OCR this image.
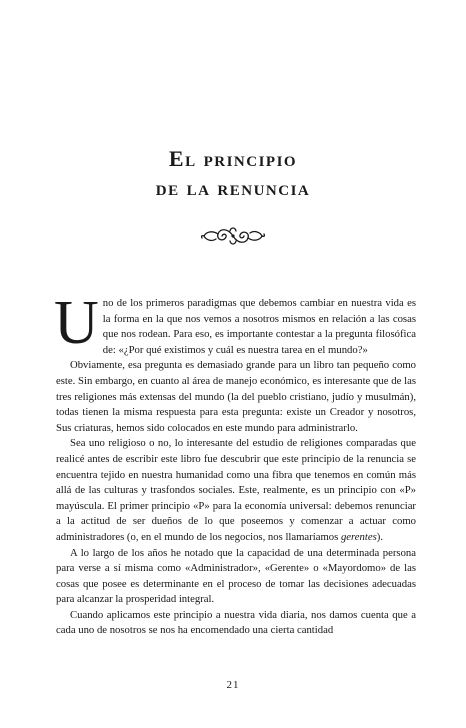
El principio
de la renuncia

Uno de los primeros paradigmas que debemos cambiar en nuestra vida es la forma en la que nos vemos a nosotros mismos en relación a las cosas que nos rodean. Para eso, es importante contestar a la pregunta filosófica de: «¿Por qué existimos y cuál es nuestra tarea en el mundo?»

Obviamente, esa pregunta es demasiado grande para un libro tan pequeño como este. Sin embargo, en cuanto al área de manejo económico, es interesante que de las tres religiones más extensas del mundo (la del pueblo cristiano, judío y musulmán), todas tienen la misma respuesta para esta pregunta: existe un Creador y nosotros, Sus criaturas, hemos sido colocados en este mundo para administrarlo.

Sea uno religioso o no, lo interesante del estudio de religiones comparadas que realicé antes de escribir este libro fue descubrir que este principio de la renuncia se encuentra tejido en nuestra humanidad como una fibra que tenemos en común más allá de las culturas y trasfondos sociales. Este, realmente, es un principio con «P» mayúscula. El primer principio «P» para la economía universal: debemos renunciar a la actitud de ser dueños de lo que poseemos y comenzar a actuar como administradores (o, en el mundo de los negocios, nos llamaríamos gerentes).

A lo largo de los años he notado que la capacidad de una determinada persona para verse a sí misma como «Administrador», «Gerente» o «Mayordomo» de las cosas que posee es determinante en el proceso de tomar las decisiones adecuadas para alcanzar la prosperidad integral.

Cuando aplicamos este principio a nuestra vida diaria, nos damos cuenta que a cada uno de nosotros se nos ha encomendado una cierta cantidad

21
